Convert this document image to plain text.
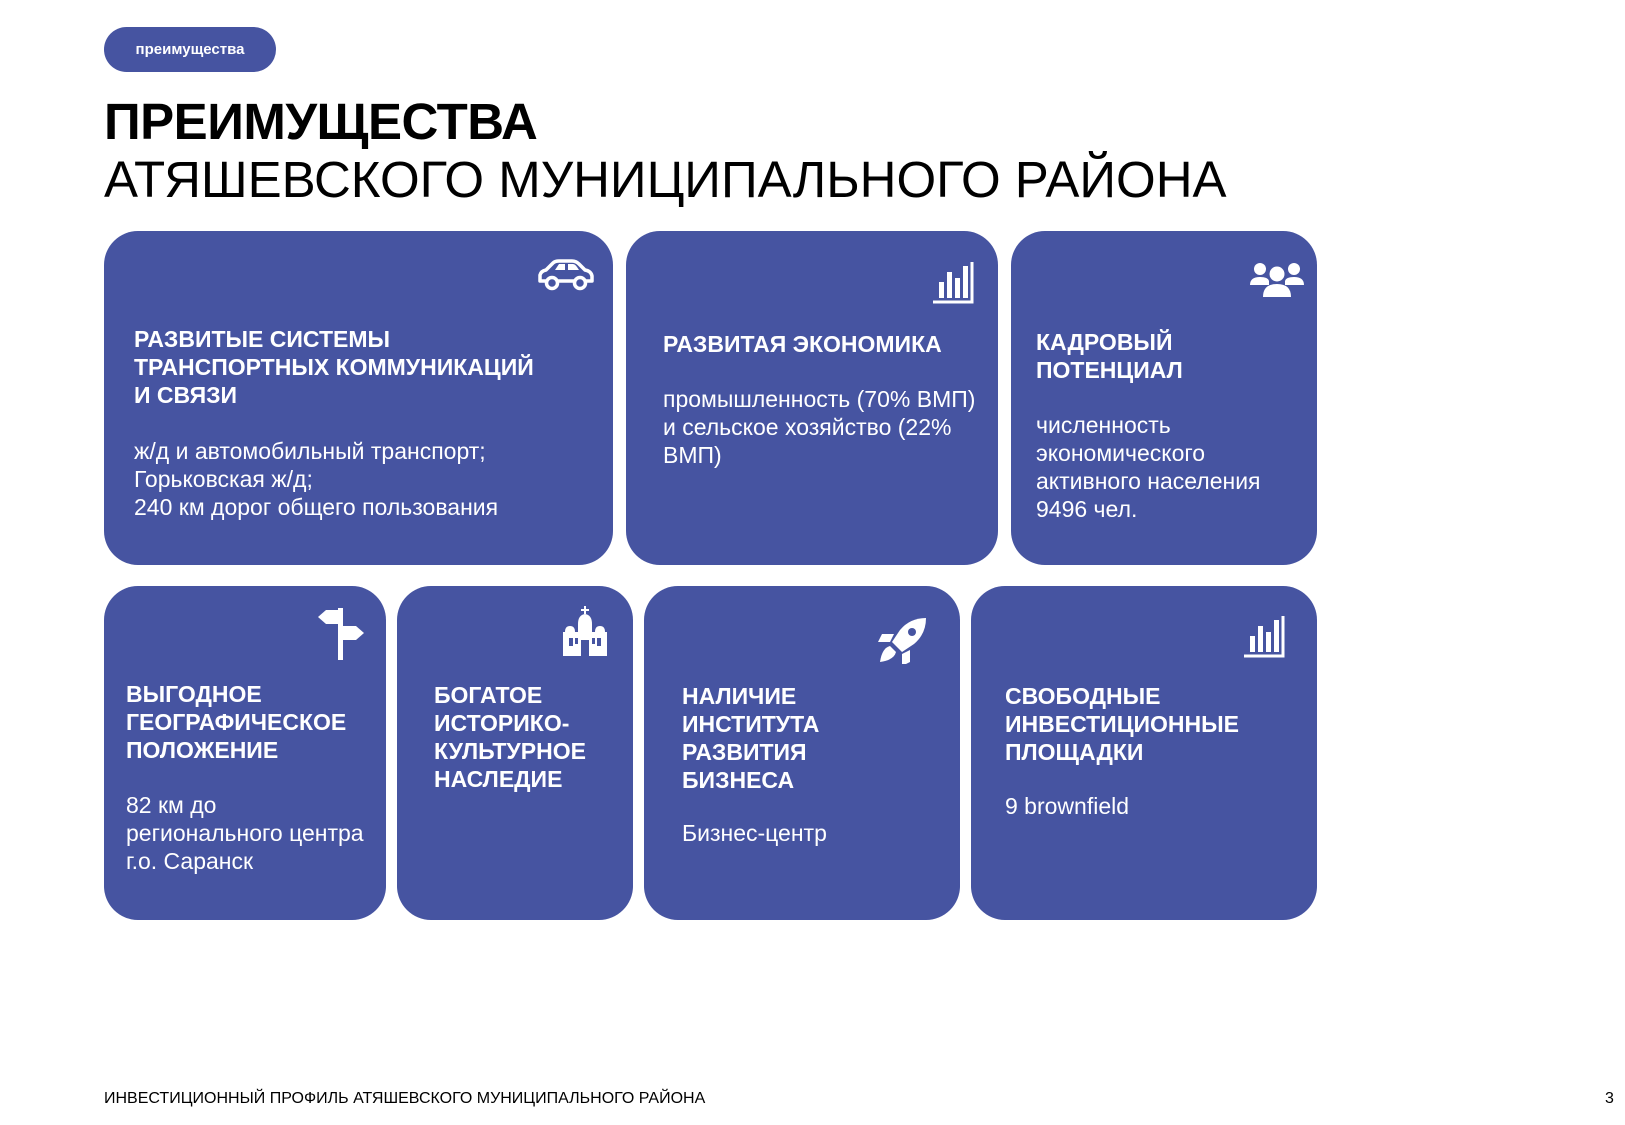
преимущества
ПРЕИМУЩЕСТВА
АТЯШЕВСКОГО МУНИЦИПАЛЬНОГО РАЙОНА
РАЗВИТЫЕ СИСТЕМЫ
ТРАНСПОРТНЫХ КОММУНИКАЦИЙ
И СВЯЗИ
ж/д и автомобильный транспорт;
Горьковская ж/д;
240 км дорог общего пользования
РАЗВИТАЯ ЭКОНОМИКА
промышленность (70% ВМП)
и сельское хозяйство (22%
ВМП)
КАДРОВЫЙ
ПОТЕНЦИАЛ
численность
экономического
активного населения
9496 чел.
ВЫГОДНОЕ
ГЕОГРАФИЧЕСКОЕ
ПОЛОЖЕНИЕ
82 км до
регионального центра
г.о. Саранск
БОГАТОЕ
ИСТОРИКО-
КУЛЬТУРНОЕ
НАСЛЕДИЕ
НАЛИЧИЕ
ИНСТИТУТА
РАЗВИТИЯ
БИЗНЕСА
Бизнес-центр
СВОБОДНЫЕ
ИНВЕСТИЦИОННЫЕ
ПЛОЩАДКИ
9 brownfield
ИНВЕСТИЦИОННЫЙ ПРОФИЛЬ АТЯШЕВСКОГО МУНИЦИПАЛЬНОГО РАЙОНА	3
